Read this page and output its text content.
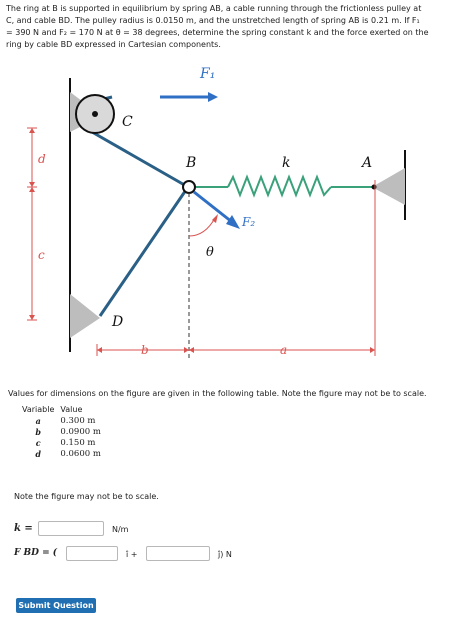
The ring at B is supported in equilibrium by spring AB, a cable running through the frictionless pulley at

C, and cable BD. The pulley radius is 0.0150 m, and the unstretched length of spring AB is 0.21 m. If F₁

= 390 N and F₂ = 170 N at θ = 38 degrees, determine the spring constant k and the force exerted on the

ring by cable BD expressed in Cartesian components.

F₁
C
B	k	A
F₂
θ
d
c
D
b	a
Values for dimensions on the figure are given in the following table. Note the figure may not be to scale.
Variable	Value
a	0.300 m
b	0.0900 m
c	0.150 m
d	0.0600 m
Note the figure may not be to scale.
k =	N/m
F BD = (	î +	ĵ) N
Submit Question
